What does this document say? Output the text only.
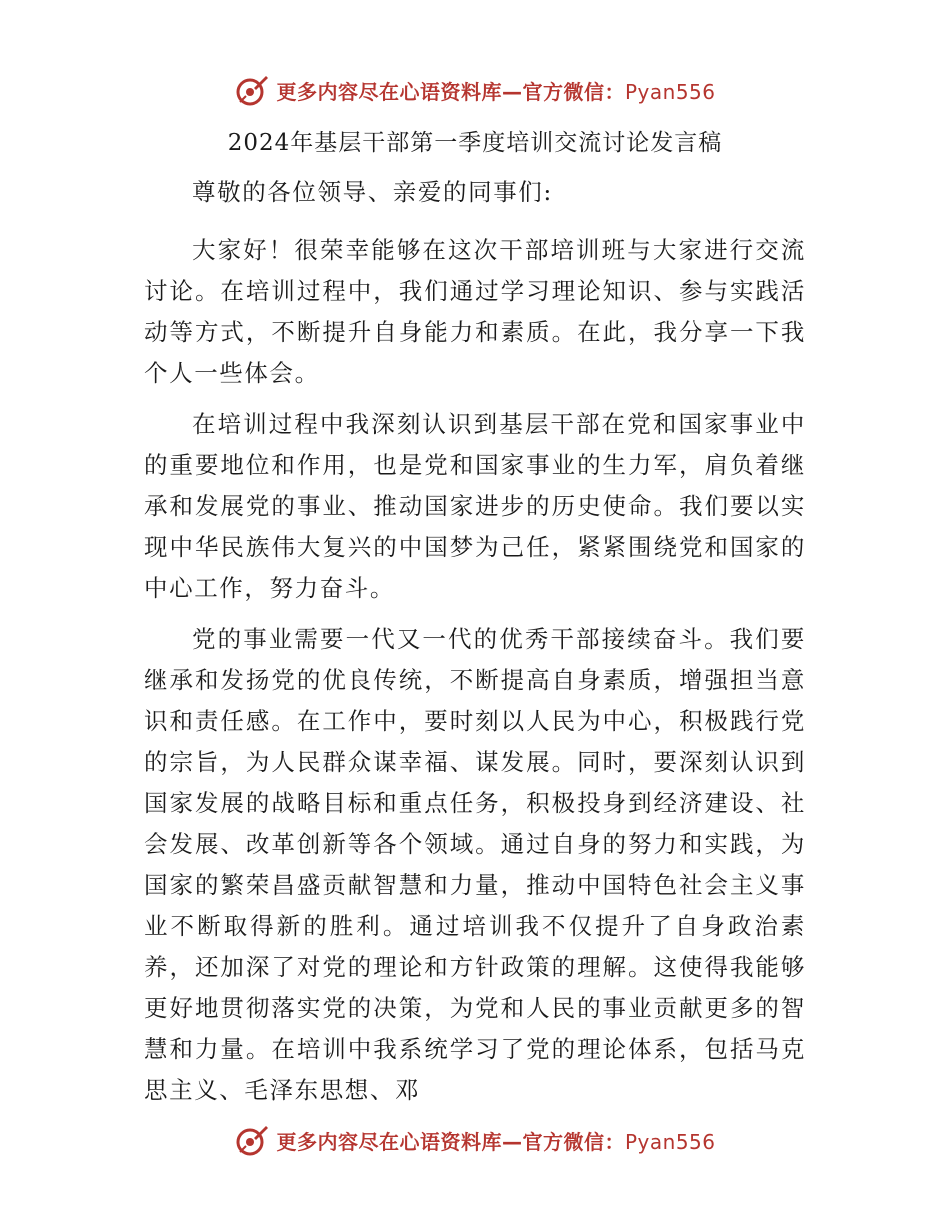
更多内容尽在心语资料库—官方微信：Pyan556
2024年基层干部第一季度培训交流讨论发言稿

尊敬的各位领导、亲爱的同事们:

大家好！很荣幸能够在这次干部培训班与大家进行交流讨论。在培训过程中，我们通过学习理论知识、参与实践活动等方式，不断提升自身能力和素质。在此，我分享一下我个人一些体会。

在培训过程中我深刻认识到基层干部在党和国家事业中的重要地位和作用，也是党和国家事业的生力军，肩负着继承和发展党的事业、推动国家进步的历史使命。我们要以实现中华民族伟大复兴的中国梦为己任，紧紧围绕党和国家的中心工作，努力奋斗。

党的事业需要一代又一代的优秀干部接续奋斗。我们要继承和发扬党的优良传统，不断提高自身素质，增强担当意识和责任感。在工作中，要时刻以人民为中心，积极践行党的宗旨，为人民群众谋幸福、谋发展。同时，要深刻认识到国家发展的战略目标和重点任务，积极投身到经济建设、社会发展、改革创新等各个领域。通过自身的努力和实践，为国家的繁荣昌盛贡献智慧和力量，推动中国特色社会主义事业不断取得新的胜利。通过培训我不仅提升了自身政治素养，还加深了对党的理论和方针政策的理解。这使得我能够更好地贯彻落实党的决策，为党和人民的事业贡献更多的智慧和力量。在培训中我系统学习了党的理论体系，包括马克思主义、毛泽东思想、邓

更多内容尽在心语资料库—官方微信：Pyan556
